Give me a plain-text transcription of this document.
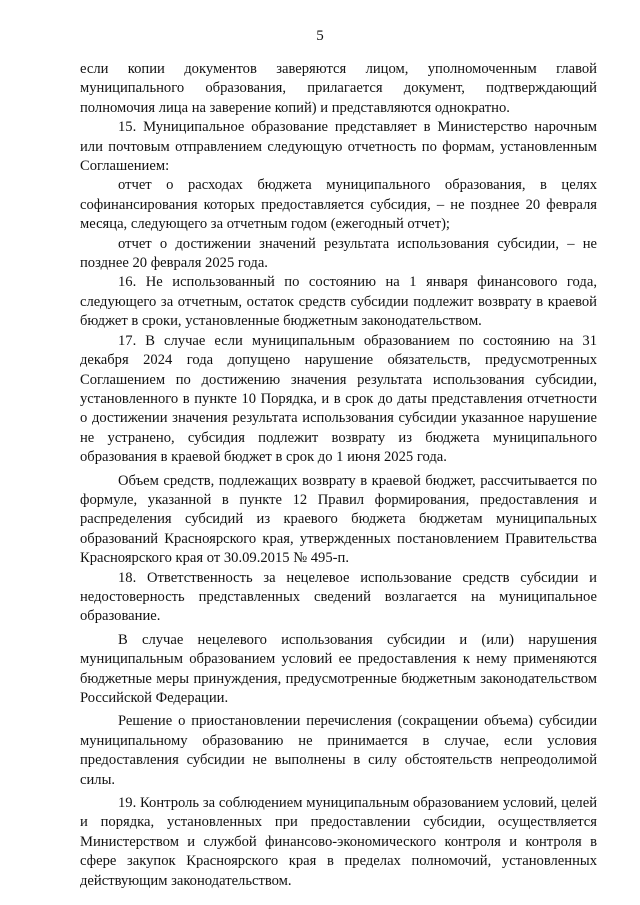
5

если копии документов заверяются лицом, уполномоченным главой муниципального образования, прилагается документ, подтверждающий полномочия лица на заверение копий) и представляются однократно.

15. Муниципальное образование представляет в Министерство нарочным или почтовым отправлением следующую отчетность по формам, установленным Соглашением:

отчет о расходах бюджета муниципального образования, в целях софинансирования которых предоставляется субсидия, – не позднее 20 февраля месяца, следующего за отчетным годом (ежегодный отчет);

отчет о достижении значений результата использования субсидии, – не позднее 20 февраля 2025 года.

16. Не использованный по состоянию на 1 января финансового года, следующего за отчетным, остаток средств субсидии подлежит возврату в краевой бюджет в сроки, установленные бюджетным законодательством.

17. В случае если муниципальным образованием по состоянию на 31 декабря 2024 года допущено нарушение обязательств, предусмотренных Соглашением по достижению значения результата использования субсидии, установленного в пункте 10 Порядка, и в срок до даты представления отчетности о достижении значения результата использования субсидии указанное нарушение не устранено, субсидия подлежит возврату из бюджета муниципального образования в краевой бюджет в срок до 1 июня 2025 года.

Объем средств, подлежащих возврату в краевой бюджет, рассчитывается по формуле, указанной в пункте 12 Правил формирования, предоставления и распределения субсидий из краевого бюджета бюджетам муниципальных образований Красноярского края, утвержденных постановлением Правительства Красноярского края от 30.09.2015 № 495-п.

18. Ответственность за нецелевое использование средств субсидии и недостоверность представленных сведений возлагается на муниципальное образование.

В случае нецелевого использования субсидии и (или) нарушения муниципальным образованием условий ее предоставления к нему применяются бюджетные меры принуждения, предусмотренные бюджетным законодательством Российской Федерации.

Решение о приостановлении перечисления (сокращении объема) субсидии муниципальному образованию не принимается в случае, если условия предоставления субсидии не выполнены в силу обстоятельств непреодолимой силы.

19. Контроль за соблюдением муниципальным образованием условий, целей и порядка, установленных при предоставлении субсидии, осуществляется Министерством и службой финансово-экономического контроля и контроля в сфере закупок Красноярского края в пределах полномочий, установленных действующим законодательством.
